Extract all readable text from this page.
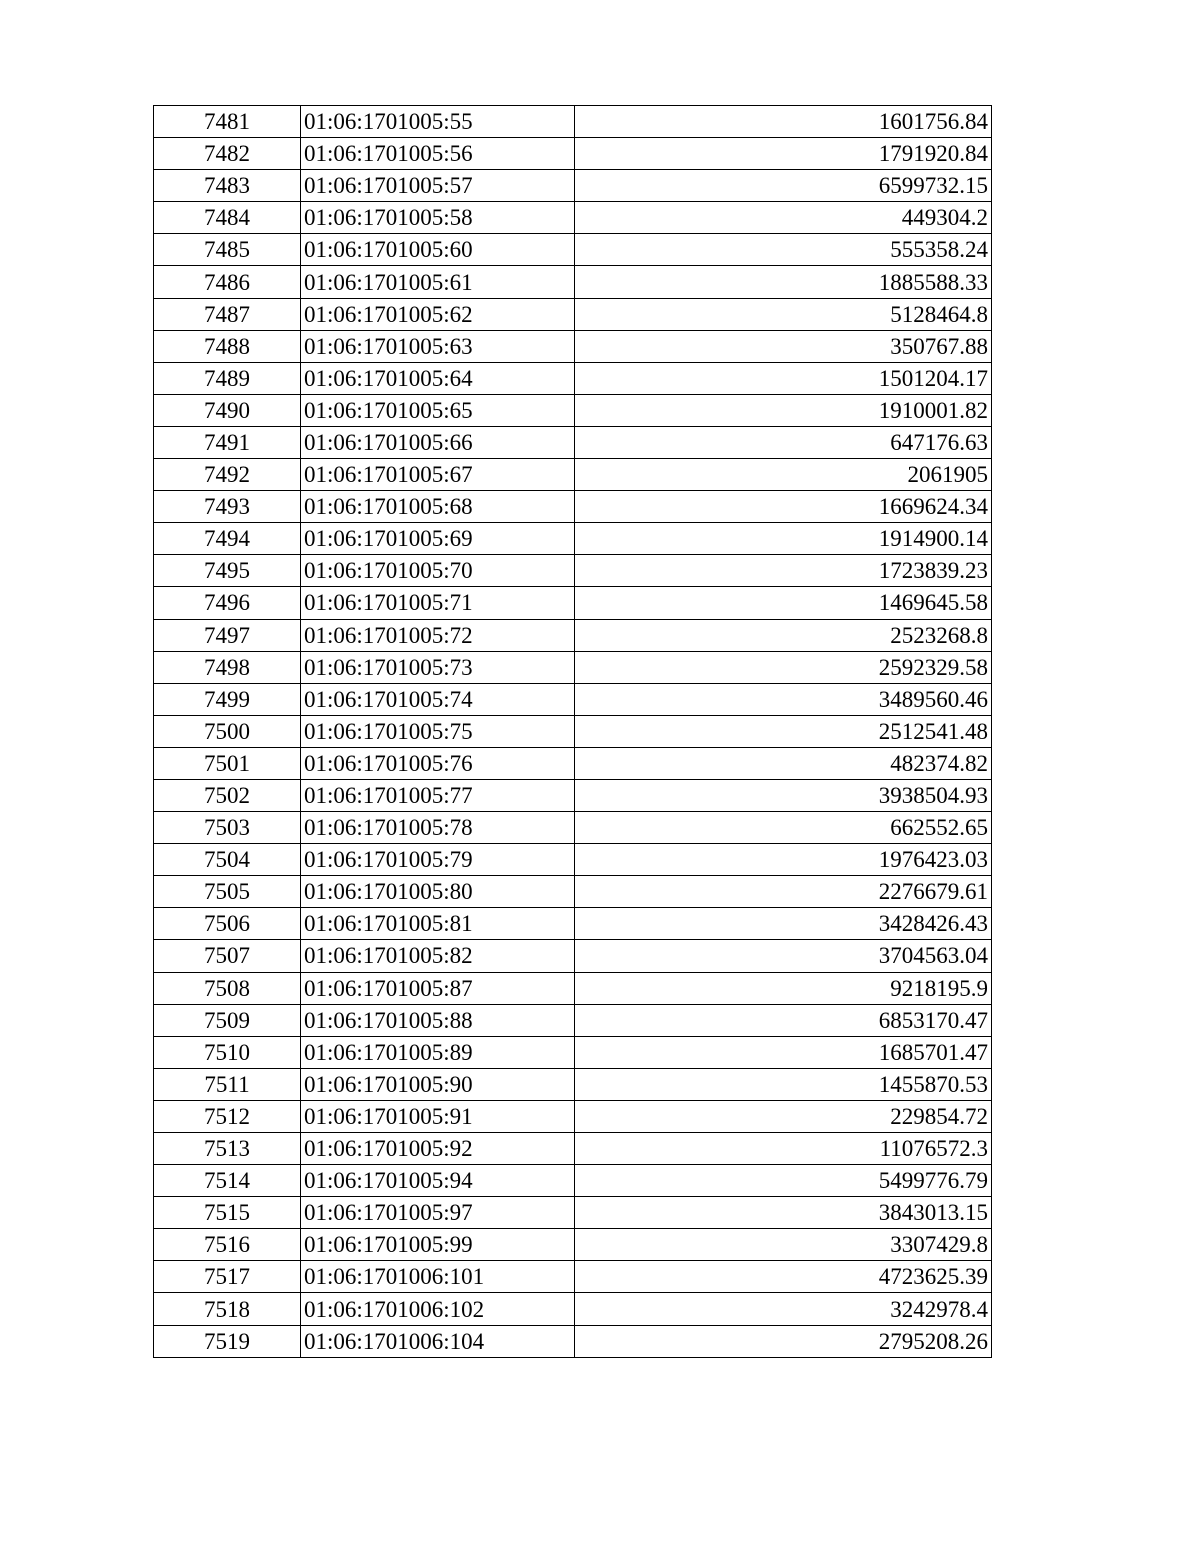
7481	01:06:1701005:55	1601756.84
7482	01:06:1701005:56	1791920.84
7483	01:06:1701005:57	6599732.15
7484	01:06:1701005:58	449304.2
7485	01:06:1701005:60	555358.24
7486	01:06:1701005:61	1885588.33
7487	01:06:1701005:62	5128464.8
7488	01:06:1701005:63	350767.88
7489	01:06:1701005:64	1501204.17
7490	01:06:1701005:65	1910001.82
7491	01:06:1701005:66	647176.63
7492	01:06:1701005:67	2061905
7493	01:06:1701005:68	1669624.34
7494	01:06:1701005:69	1914900.14
7495	01:06:1701005:70	1723839.23
7496	01:06:1701005:71	1469645.58
7497	01:06:1701005:72	2523268.8
7498	01:06:1701005:73	2592329.58
7499	01:06:1701005:74	3489560.46
7500	01:06:1701005:75	2512541.48
7501	01:06:1701005:76	482374.82
7502	01:06:1701005:77	3938504.93
7503	01:06:1701005:78	662552.65
7504	01:06:1701005:79	1976423.03
7505	01:06:1701005:80	2276679.61
7506	01:06:1701005:81	3428426.43
7507	01:06:1701005:82	3704563.04
7508	01:06:1701005:87	9218195.9
7509	01:06:1701005:88	6853170.47
7510	01:06:1701005:89	1685701.47
7511	01:06:1701005:90	1455870.53
7512	01:06:1701005:91	229854.72
7513	01:06:1701005:92	11076572.3
7514	01:06:1701005:94	5499776.79
7515	01:06:1701005:97	3843013.15
7516	01:06:1701005:99	3307429.8
7517	01:06:1701006:101	4723625.39
7518	01:06:1701006:102	3242978.4
7519	01:06:1701006:104	2795208.26
